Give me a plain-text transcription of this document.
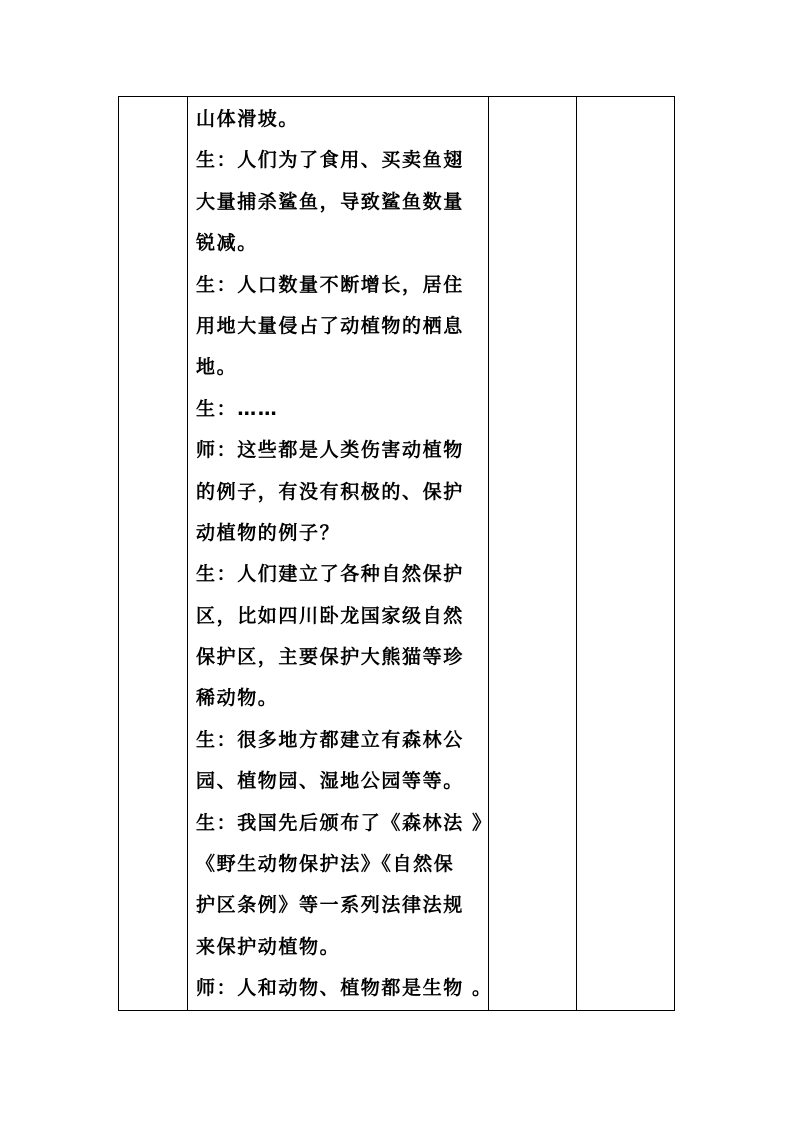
山体滑坡。
生：人们为了食用、买卖鱼翅
大量捕杀鲨鱼，导致鲨鱼数量
锐减。
生：人口数量不断增长，居住
用地大量侵占了动植物的栖息
地。
生：……
师：这些都是人类伤害动植物
的例子，有没有积极的、保护
动植物的例子？
生：人们建立了各种自然保护
区，比如四川卧龙国家级自然
保护区，主要保护大熊猫等珍
稀动物。
生：很多地方都建立有森林公
园、植物园、湿地公园等等。
生：我国先后颁布了《森林法 》
《野生动物保护法》《自然保
护区条例》等一系列法律法规
来保护动植物。
师：人和动物、植物都是生物 。
